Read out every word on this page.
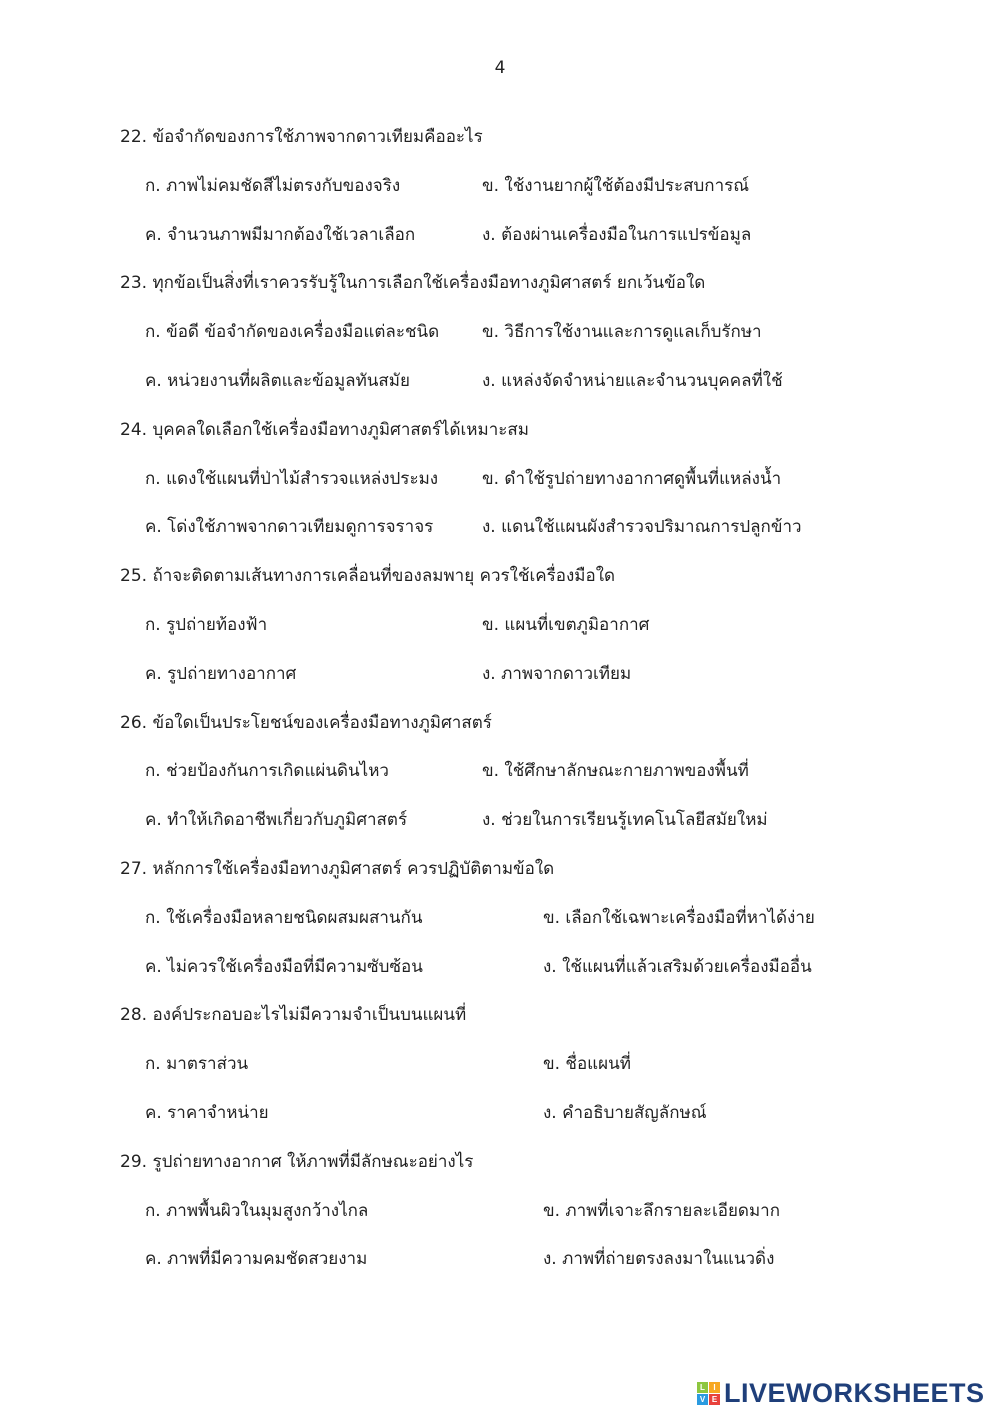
4
22. ข้อจำกัดของการใช้ภาพจากดาวเทียมคืออะไร
ก. ภาพไม่คมชัดสีไม่ตรงกับของจริง	ข. ใช้งานยากผู้ใช้ต้องมีประสบการณ์
ค. จำนวนภาพมีมากต้องใช้เวลาเลือก	ง. ต้องผ่านเครื่องมือในการแปรข้อมูล
23. ทุกข้อเป็นสิ่งที่เราควรรับรู้ในการเลือกใช้เครื่องมือทางภูมิศาสตร์ ยกเว้นข้อใด
ก. ข้อดี ข้อจำกัดของเครื่องมือแต่ละชนิด	ข. วิธีการใช้งานและการดูแลเก็บรักษา
ค. หน่วยงานที่ผลิตและข้อมูลทันสมัย	ง. แหล่งจัดจำหน่ายและจำนวนบุคคลที่ใช้
24. บุคคลใดเลือกใช้เครื่องมือทางภูมิศาสตร์ได้เหมาะสม
ก. แดงใช้แผนที่ป่าไม้สำรวจแหล่งประมง	ข. ดำใช้รูปถ่ายทางอากาศดูพื้นที่แหล่งน้ำ
ค. โด่งใช้ภาพจากดาวเทียมดูการจราจร	ง. แดนใช้แผนผังสำรวจปริมาณการปลูกข้าว
25. ถ้าจะติดตามเส้นทางการเคลื่อนที่ของลมพายุ ควรใช้เครื่องมือใด
ก. รูปถ่ายท้องฟ้า	ข. แผนที่เขตภูมิอากาศ
ค. รูปถ่ายทางอากาศ	ง. ภาพจากดาวเทียม
26. ข้อใดเป็นประโยชน์ของเครื่องมือทางภูมิศาสตร์
ก. ช่วยป้องกันการเกิดแผ่นดินไหว	ข. ใช้ศึกษาลักษณะกายภาพของพื้นที่
ค. ทำให้เกิดอาชีพเกี่ยวกับภูมิศาสตร์	ง. ช่วยในการเรียนรู้เทคโนโลยีสมัยใหม่
27. หลักการใช้เครื่องมือทางภูมิศาสตร์ ควรปฏิบัติตามข้อใด
ก. ใช้เครื่องมือหลายชนิดผสมผสานกัน	ข. เลือกใช้เฉพาะเครื่องมือที่หาได้ง่าย
ค. ไม่ควรใช้เครื่องมือที่มีความซับซ้อน	ง. ใช้แผนที่แล้วเสริมด้วยเครื่องมืออื่น
28. องค์ประกอบอะไรไม่มีความจำเป็นบนแผนที่
ก. มาตราส่วน	ข. ชื่อแผนที่
ค. ราคาจำหน่าย	ง. คำอธิบายสัญลักษณ์
29. รูปถ่ายทางอากาศ ให้ภาพที่มีลักษณะอย่างไร
ก. ภาพพื้นผิวในมุมสูงกว้างไกล	ข. ภาพที่เจาะลึกรายละเอียดมาก
ค. ภาพที่มีความคมชัดสวยงาม	ง. ภาพที่ถ่ายตรงลงมาในแนวดิ่ง
L	I
V E LIVEWORKSHEETS
